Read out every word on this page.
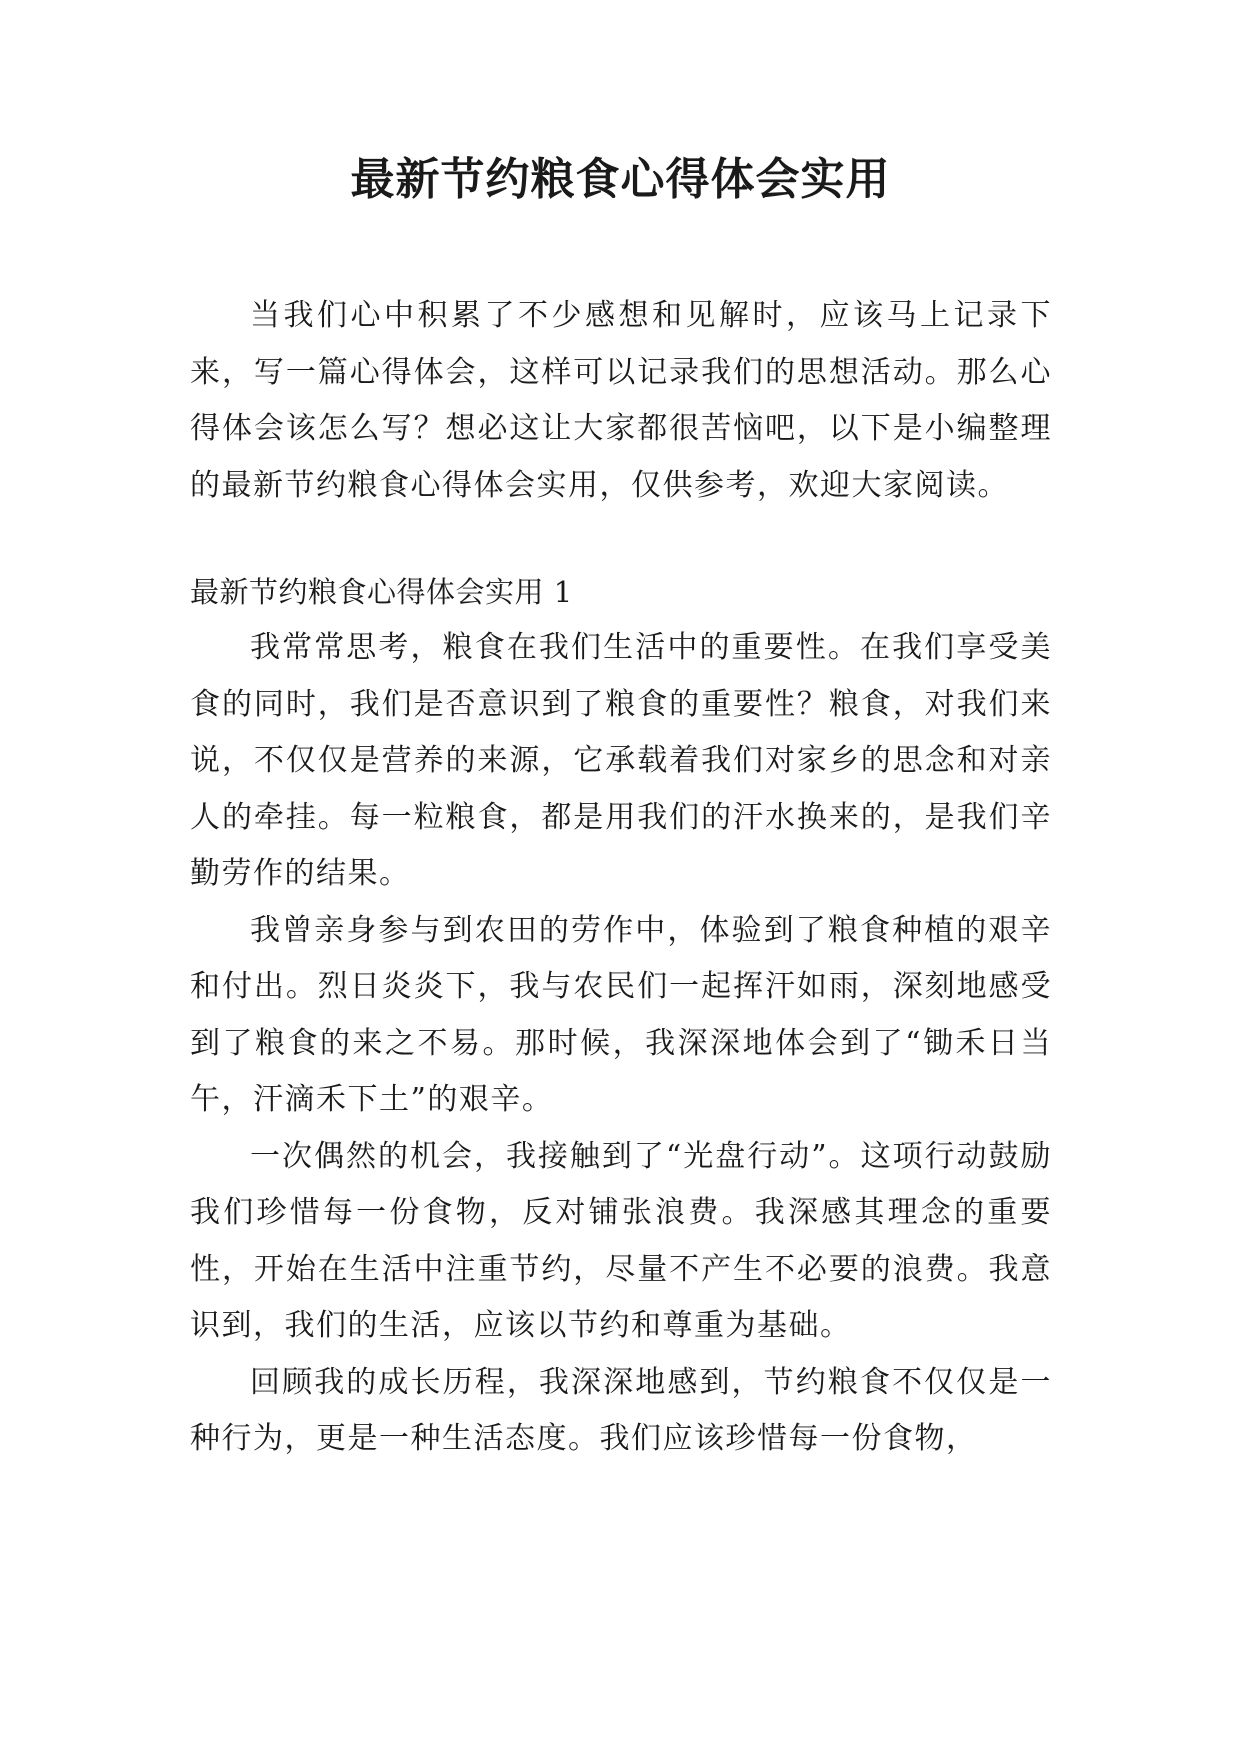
最新节约粮食心得体会实用

当我们心中积累了不少感想和见解时，应该马上记录下来，写一篇心得体会，这样可以记录我们的思想活动。那么心得体会该怎么写？想必这让大家都很苦恼吧，以下是小编整理的最新节约粮食心得体会实用，仅供参考，欢迎大家阅读。

最新节约粮食心得体会实用 1

我常常思考，粮食在我们生活中的重要性。在我们享受美食的同时，我们是否意识到了粮食的重要性？粮食，对我们来说，不仅仅是营养的来源，它承载着我们对家乡的思念和对亲人的牵挂。每一粒粮食，都是用我们的汗水换来的，是我们辛勤劳作的结果。

我曾亲身参与到农田的劳作中，体验到了粮食种植的艰辛和付出。烈日炎炎下，我与农民们一起挥汗如雨，深刻地感受到了粮食的来之不易。那时候，我深深地体会到了“锄禾日当午，汗滴禾下土”的艰辛。

一次偶然的机会，我接触到了“光盘行动”。这项行动鼓励我们珍惜每一份食物，反对铺张浪费。我深感其理念的重要性，开始在生活中注重节约，尽量不产生不必要的浪费。我意识到，我们的生活，应该以节约和尊重为基础。

回顾我的成长历程，我深深地感到，节约粮食不仅仅是一种行为，更是一种生活态度。我们应该珍惜每一份食物，
